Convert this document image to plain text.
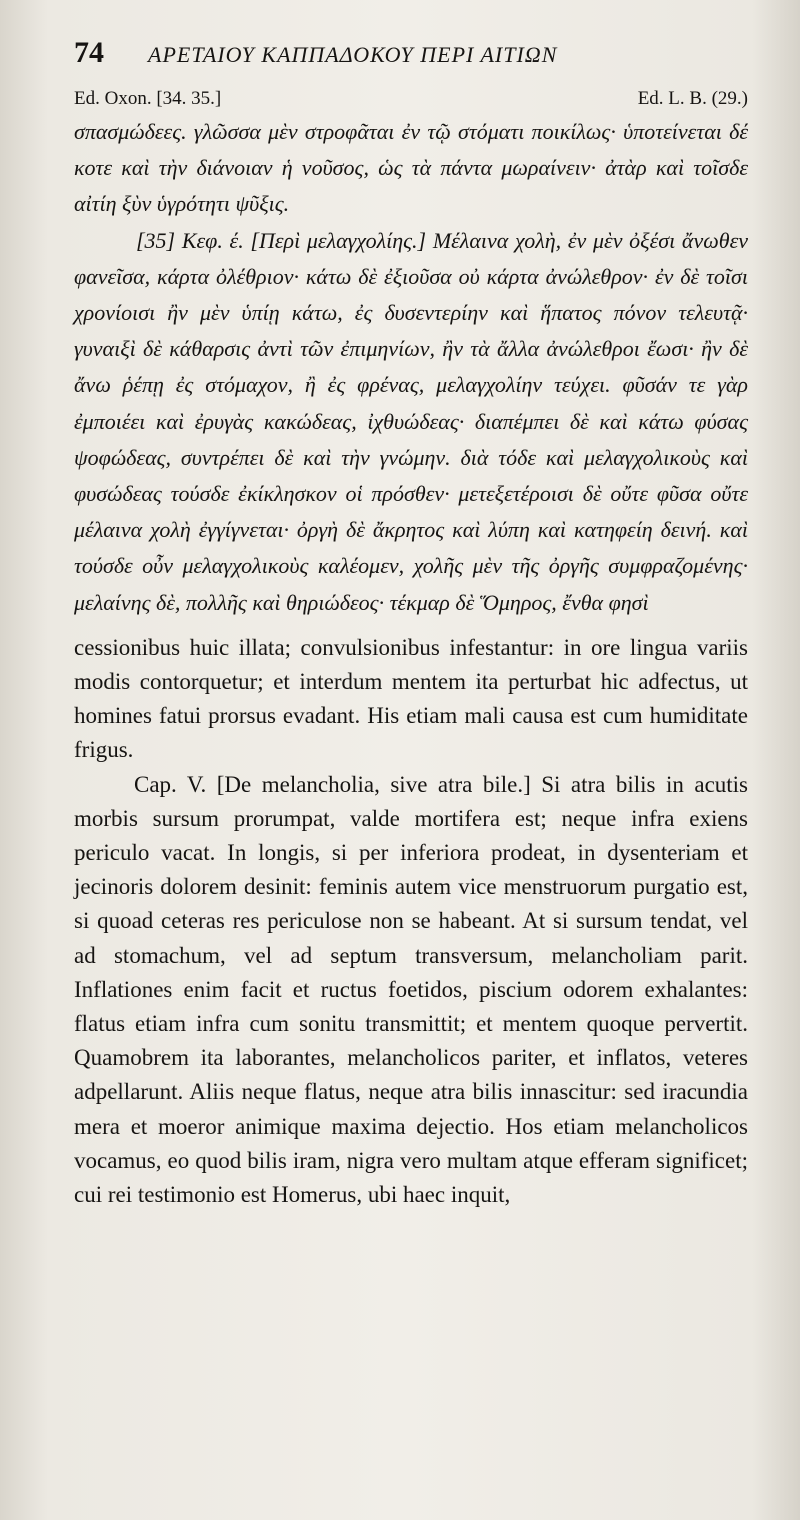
74 ΑΡΕΤΑΙΟΥ ΚΑΠΠΑΔΟΚΟΥ ΠΕΡΙ ΑΙΤΙΩΝ
Ed. Oxon. [34. 35.]	Ed. L. B. (29.)

σπασμώδεες. γλῶσσα μὲν στροφᾶται ἐν τῷ στόματι ποικίλως· ὑποτείνεται δέ κοτε καὶ τὴν διάνοιαν ἡ νοῦσος, ὡς τὰ πάντα μωραίνειν· ἀτὰρ καὶ τοῖσδε αἰτίη ξὺν ὑγρότητι ψῦξις.

[35] Κεφ. έ. [Περὶ μελαγχολίης.] Μέλαινα χολὴ, ἐν μὲν ὀξέσι ἄνωθεν φανεῖσα, κάρτα ὀλέθριον· κάτω δὲ ἐξιοῦσα οὐ κάρτα ἀνώλεθρον· ἐν δὲ τοῖσι χρονίοισι ἢν μὲν ὑπίῃ κάτω, ἐς δυσεντερίην καὶ ἥπατος πόνον τελευτᾷ· γυναιξὶ δὲ κάθαρσις ἀντὶ τῶν ἐπιμηνίων, ἢν τὰ ἄλλα ἀνώλεθροι ἔωσι· ἢν δὲ ἄνω ῥέπῃ ἐς στόμαχον, ἢ ἐς φρένας, μελαγχολίην τεύχει. φῦσάν τε γὰρ ἐμποιέει καὶ ἐρυγὰς κακώδεας, ἰχθυώδεας· διαπέμπει δὲ καὶ κάτω φύσας ψοφώδεας, συντρέπει δὲ καὶ τὴν γνώμην. διὰ τόδε καὶ μελαγχολικοὺς καὶ φυσώδεας τούσδε ἐκίκλησκον οἱ πρόσθεν· μετεξετέροισι δὲ οὔτε φῦσα οὔτε μέλαινα χολὴ ἐγγίγνεται· ὀργὴ δὲ ἄκρητος καὶ λύπη καὶ κατηφείη δεινή. καὶ τούσδε οὖν μελαγχολικοὺς καλέομεν, χολῆς μὲν τῆς ὀργῆς συμφραζομένης· μελαίνης δὲ, πολλῆς καὶ θηριώδεος· τέκμαρ δὲ Ὅμηρος, ἔνθα φησὶ

cessionibus huic illata; convulsionibus infestantur: in ore lingua variis modis contorquetur; et interdum mentem ita perturbat hic adfectus, ut homines fatui prorsus evadant. His etiam mali causa est cum humiditate frigus.

Cap. V. [De melancholia, sive atra bile.] Si atra bilis in acutis morbis sursum prorumpat, valde mortifera est; neque infra exiens periculo vacat. In longis, si per inferiora prodeat, in dysenteriam et jecinoris dolorem desinit: feminis autem vice menstruorum purgatio est, si quoad ceteras res periculose non se habeant. At si sursum tendat, vel ad stomachum, vel ad septum transversum, melancholiam parit. Inflationes enim facit et ructus foetidos, piscium odorem exhalantes: flatus etiam infra cum sonitu transmittit; et mentem quoque pervertit. Quamobrem ita laborantes, melancholicos pariter, et inflatos, veteres adpellarunt. Aliis neque flatus, neque atra bilis innascitur: sed iracundia mera et moeror animique maxima dejectio. Hos etiam melancholicos vocamus, eo quod bilis iram, nigra vero multam atque efferam significet; cui rei testimonio est Homerus, ubi haec inquit,
